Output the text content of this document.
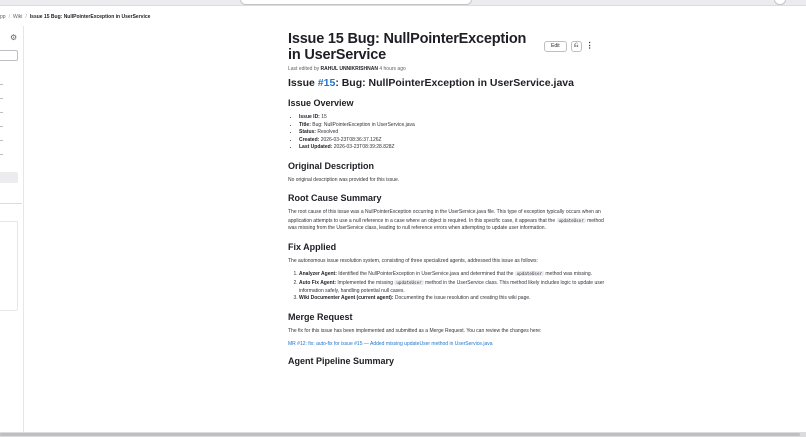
pp / Wiki / Issue 15 Bug: NullPointerException in UserService
⚙	Issue 15 Bug: NullPointerException in UserService
Edit	⎌ ⋮
Last edited by RAHUL UNNIKRISHNAN 4 hours ago
Issue #15: Bug: NullPointerException in UserService.java
Issue Overview
• Issue ID: 15
• Title: Bug: NullPointerException in UserService.java
• Status: Resolved
• Created: 2026-03-23T08:36:37.126Z
• Last Updated: 2026-03-23T08:39:28.828Z
Original Description

No original description was provided for this issue.

Root Cause Summary

The root cause of this issue was a NullPointerException occurring in the UserService.java file. This type of exception typically occurs when an application attempts to use a null reference in a case where an object is required. In this specific case, it appears that the updateUser method was missing from the UserService class, leading to null reference errors when attempting to update user information.

Fix Applied

The autonomous issue resolution system, consisting of three specialized agents, addressed this issue as follows:

1. Analyzer Agent: Identified the NullPointerException in UserService.java and determined that the updateUser method was missing.
2. Auto Fix Agent: Implemented the missing updateUser method in the UserService class. This method likely includes logic to update user information safely, handling potential null cases.
3. Wiki Documenter Agent (current agent): Documenting the issue resolution and creating this wiki page.
Merge Request

The fix for this issue has been implemented and submitted as a Merge Request. You can review the changes here:

MR #12: fix: auto-fix for issue #15 — Added missing updateUser method in UserService.java
Agent Pipeline Summary
